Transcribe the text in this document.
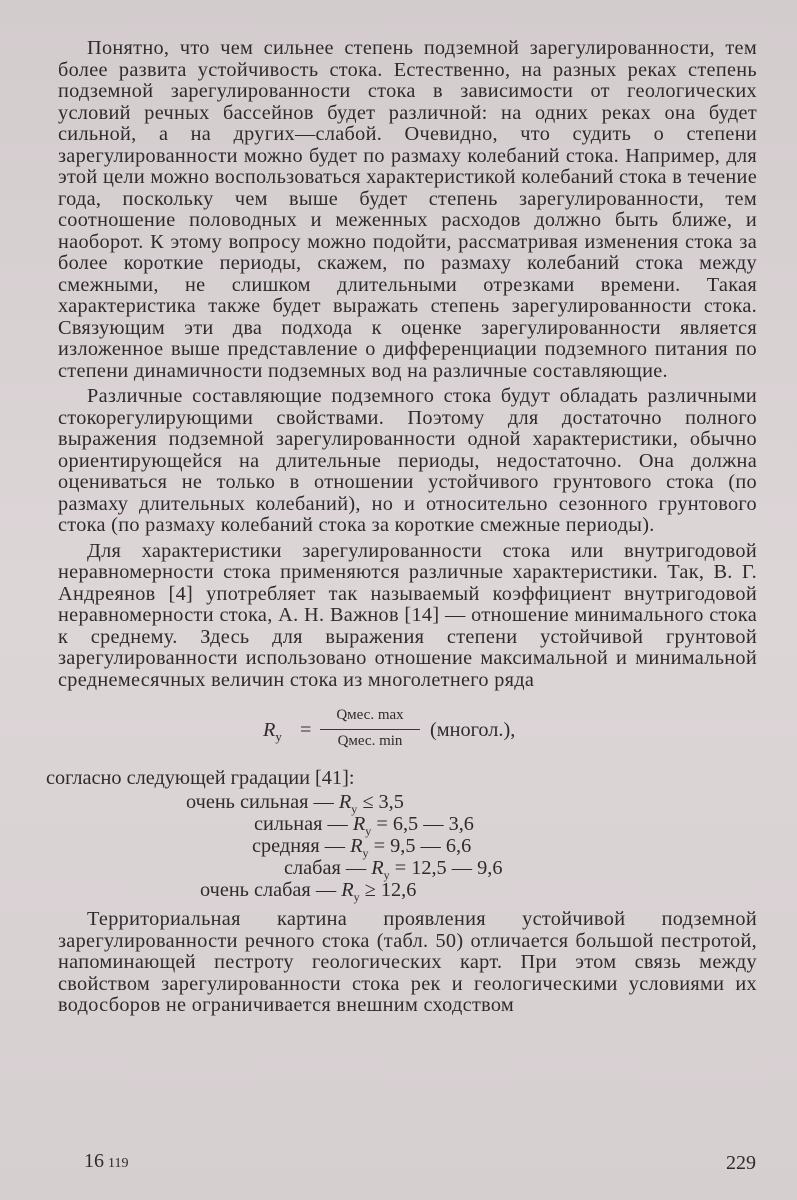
Понятно, что чем сильнее степень подземной зарегулированности, тем более развита устойчивость стока. Естественно, на разных реках степень подземной зарегулированности стока в зависимости от геологических условий речных бассейнов будет различной: на одних реках она будет сильной, а на других—слабой. Очевидно, что судить о степени зарегулированности можно будет по размаху колебаний стока. Например, для этой цели можно воспользоваться характеристикой колебаний стока в течение года, поскольку чем выше будет степень зарегулированности, тем соотношение половодных и меженных расходов должно быть ближе, и наоборот. К этому вопросу можно подойти, рассматривая изменения стока за более короткие периоды, скажем, по размаху колебаний стока между смежными, не слишком длительными отрезками времени. Такая характеристика также будет выражать степень зарегулированности стока. Связующим эти два подхода к оценке зарегулированности является изложенное выше представление о дифференциации подземного питания по степени динамичности подземных вод на различные составляющие.

Различные составляющие подземного стока будут обладать различными стокорегулирующими свойствами. Поэтому для достаточно полного выражения подземной зарегулированности одной характеристики, обычно ориентирующейся на длительные периоды, недостаточно. Она должна оцениваться не только в отношении устойчивого грунтового стока (по размаху длительных колебаний), но и относительно сезонного грунтового стока (по размаху колебаний стока за короткие смежные периоды).

Для характеристики зарегулированности стока или внутригодовой неравномерности стока применяются различные характеристики. Так, В. Г. Андреянов [4] употребляет так называемый коэффициент внутригодовой неравномерности стока, А. Н. Важнов [14] — отношение минимального стока к среднему. Здесь для выражения степени устойчивой грунтовой зарегулированности использовано отношение максимальной и минимальной среднемесячных величин стока из многолетнего ряда

$R_у$ =
Qмес. max
Qмес. min	(многол.),

согласно следующей градации [41]:

очень сильная — $R_у \le 3,5$
сильная — $R_у = 6,5$ — 3,6
средняя — $R_у = 9,5$ — 6,6
слабая — $R_у = 12,5$ — 9,6
очень слабая — $R_у \ge 12,6$

Территориальная картина проявления устойчивой подземной зарегулированности речного стока (табл. 50) отличается большой пестротой, напоминающей пестроту геологических карт. При этом связь между свойством зарегулированности стока рек и геологическими условиями их водосборов не ограничивается внешним сходством

16 119	229
